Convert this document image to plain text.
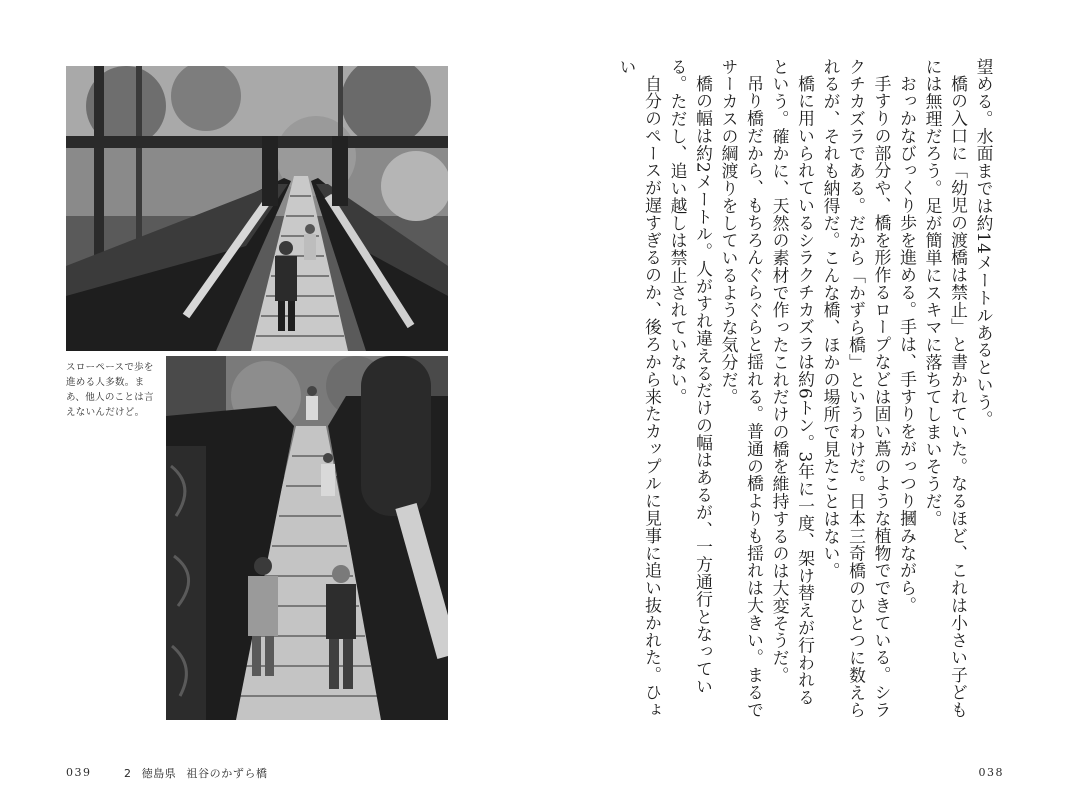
スローペースで歩を進める人多数。まあ、他人のことは言えないんだけど。	望める。水面までは約14メートルあるという。

橋の入口に「幼児の渡橋は禁止」と書かれていた。なるほど、これは小さい子どもには無理だろう。足が簡単にスキマに落ちてしまいそうだ。

おっかなびっくり歩を進める。手は、手すりをがっつり摑みながら。

手すりの部分や、橋を形作るロープなどは固い蔦のような植物でできている。シラクチカズラである。だから「かずら橋」というわけだ。日本三奇橋のひとつに数えられるが、それも納得だ。こんな橋、ほかの場所で見たことはない。

橋に用いられているシラクチカズラは約6トン。3年に一度、架け替えが行われるという。確かに、天然の素材で作ったこれだけの橋を維持するのは大変そうだ。

吊り橋だから、もちろんぐらぐらと揺れる。普通の橋よりも揺れは大きい。まるでサーカスの綱渡りをしているような気分だ。

橋の幅は約2メートル。人がすれ違えるだけの幅はあるが、一方通行となっている。ただし、追い越しは禁止されていない。

自分のペースが遅すぎるのか、後ろから来たカップルに見事に追い抜かれた。ひょい

039	2 徳島県 祖谷のかずら橋	038
